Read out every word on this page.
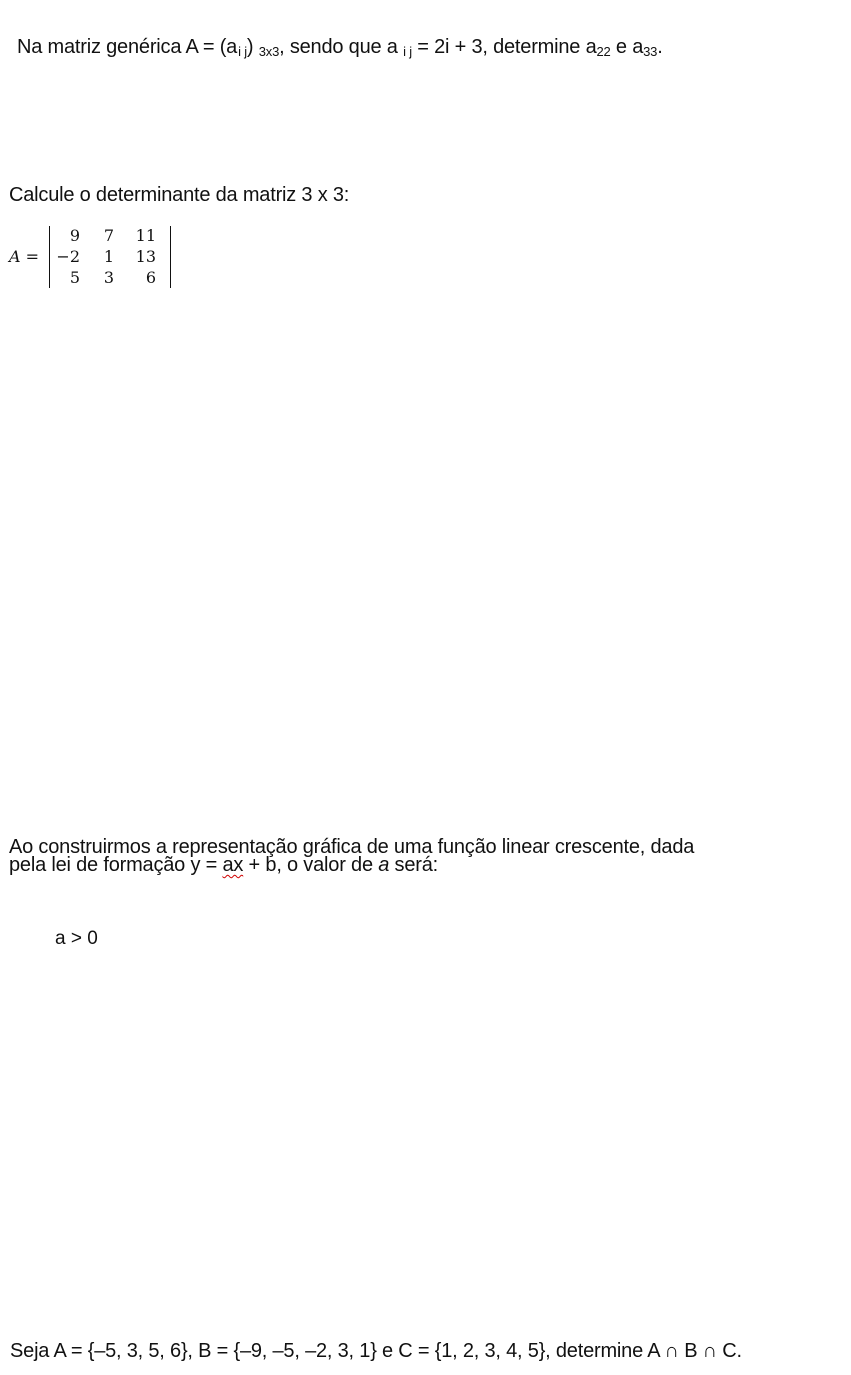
Na matriz genérica $A = (a_{i j})$ $_{3x3}$, sendo que a $_{i j}$ = 2i + 3, determine $a_{22}$ e $a_{33}$.
Calcule o determinante da matriz 3 x 3:
A =
9	7	11
−2	1	13
5	3	6
Ao construirmos a representação gráfica de uma função linear crescente, dada
pela lei de formação y = ax + b, o valor de a será:
a > 0
Seja A = {–5, 3, 5, 6}, B = {–9, –5, –2, 3, 1} e C = {1, 2, 3, 4, 5}, determine A ∩ B ∩ C.
